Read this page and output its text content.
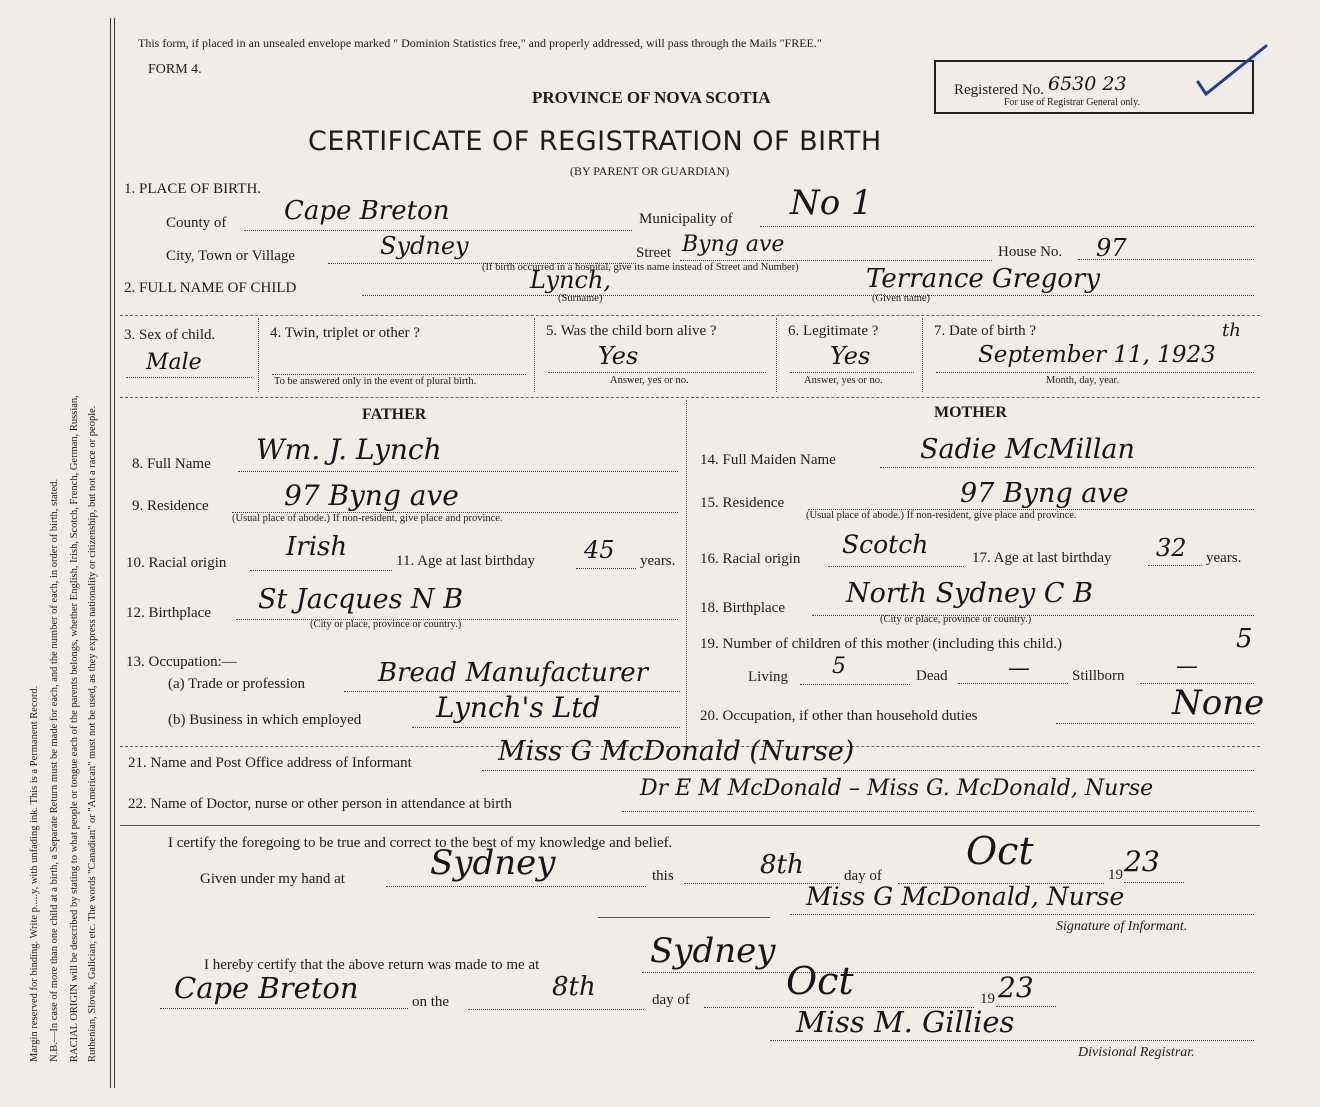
Margin reserved for binding. Write p.....y, with unfading ink. This is a Permanent Record. N.B.—In case of more than one child at a birth, a Separate Return must be made for each, and the number of each, in order of birth, stated. RACIAL ORIGIN will be described by stating to what people or tongue each of the parents belongs, whether English, Irish, Scotch, French, German, Russian, Ruthenian, Slovak, Galician, etc. The words "Canadian" or "American" must not be used, as they express nationality or citizenship, but not a race or people.
This form, if placed in an unsealed envelope marked " Dominion Statistics free," and properly addressed, will pass through the Mails "FREE."
FORM 4.
PROVINCE OF NOVA SCOTIA
CERTIFICATE OF REGISTRATION OF BIRTH
(BY PARENT OR GUARDIAN)
Registered No. 6530 23
For use of Registrar General only.
1. PLACE OF BIRTH.
County of Cape Breton	Municipality of No 1
City, Town or Village	Sydney	Street Byng ave	House No. 97
(If birth occurred in a hospital, give its name instead of Street and Number)
2. FULL NAME OF CHILD	Lynch,	Terrance Gregory
(Surname)	(Given name)
3. Sex of child.
Male
4. Twin, triplet or other ?
To be answered only in the event of plural birth.
5. Was the child born alive ?
Yes
Answer, yes or no.
6. Legitimate ?
Yes
Answer, yes or no.
7. Date of birth ?
September 11, 1923
th
Month, day, year.
FATHER	MOTHER
8. Full Name Wm. J. Lynch
9. Residence	97 Byng ave
(Usual place of abode.) If non-resident, give place and province.
10. Racial origin
Irish	11. Age at last birthday 45 years.
12. Birthplace St Jacques N B
(City or place, province or country.)
13. Occupation:—
(a) Trade or profession	Bread Manufacturer
(b) Business in which employed	Lynch's Ltd
14. Full Maiden Name	Sadie McMillan
15. Residence	97 Byng ave
(Usual place of abode.) If non-resident, give place and province.
16. Racial origin Scotch	17. Age at last birthday 32 years.
18. Birthplace North Sydney C B
(City or place, province or country.)
19. Number of children of this mother (including this child.)	5
Living 5	Dead	—	Stillborn —
20. Occupation, if other than household duties	None
21. Name and Post Office address of Informant	Miss G McDonald (Nurse)
22. Name of Doctor, nurse or other person in attendance at birth
Dr E M McDonald – Miss G. McDonald, Nurse
I certify the foregoing to be true and correct to the best of my knowledge and belief.
Given under my hand at	Sydney	this	8th	day of
Oct
19 23
Miss G McDonald, Nurse
Signature of Informant.
I hereby certify that the above return was made to me at	Sydney
Cape Breton	on the	8th	day of	Oct	19 23
Miss M. Gillies
Divisional Registrar.
